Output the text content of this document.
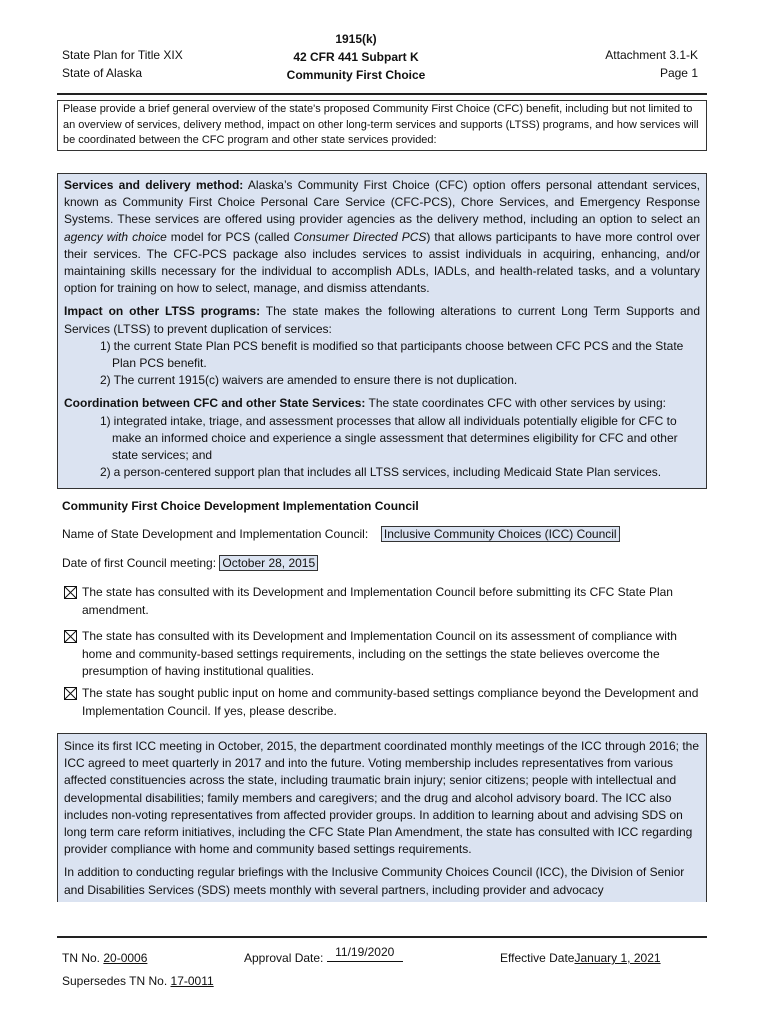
State Plan for Title XIX
State of Alaska
1915(k)
42 CFR 441 Subpart K
Community First Choice
Attachment 3.1-K
Page 1

Please provide a brief general overview of the state's proposed Community First Choice (CFC) benefit, including but not limited to an overview of services, delivery method, impact on other long-term services and supports (LTSS) programs, and how services will be coordinated between the CFC program and other state services provided:

Services and delivery method: Alaska’s Community First Choice (CFC) option offers personal attendant services, known as Community First Choice Personal Care Service (CFC-PCS), Chore Services, and Emergency Response Systems. These services are offered using provider agencies as the delivery method, including an option to select an agency with choice model for PCS (called Consumer Directed PCS) that allows participants to have more control over their services. The CFC-PCS package also includes services to assist individuals in acquiring, enhancing, and/or maintaining skills necessary for the individual to accomplish ADLs, IADLs, and health-related tasks, and a voluntary option for training on how to select, manage, and dismiss attendants.

Impact on other LTSS programs: The state makes the following alterations to current Long Term Supports and Services (LTSS) to prevent duplication of services:

1) the current State Plan PCS benefit is modified so that participants choose between CFC PCS and the State Plan PCS benefit.
2) The current 1915(c) waivers are amended to ensure there is not duplication.

Coordination between CFC and other State Services: The state coordinates CFC with other services by using:

1) integrated intake, triage, and assessment processes that allow all individuals potentially eligible for CFC to make an informed choice and experience a single assessment that determines eligibility for CFC and other state services; and
2) a person-centered support plan that includes all LTSS services, including Medicaid State Plan services.
Community First Choice Development Implementation Council
Name of State Development and Implementation Council: Inclusive Community Choices (ICC) Council
Date of first Council meeting: October 28, 2015
The state has consulted with its Development and Implementation Council before submitting its CFC State Plan amendment.
The state has consulted with its Development and Implementation Council on its assessment of compliance with home and community-based settings requirements, including on the settings the state believes overcome the presumption of having institutional qualities.
The state has sought public input on home and community-based settings compliance beyond the Development and Implementation Council. If yes, please describe.

Since its first ICC meeting in October, 2015, the department coordinated monthly meetings of the ICC through 2016; the ICC agreed to meet quarterly in 2017 and into the future. Voting membership includes representatives from various affected constituencies across the state, including traumatic brain injury; senior citizens; people with intellectual and developmental disabilities; family members and caregivers; and the drug and alcohol advisory board. The ICC also includes non-voting representatives from affected provider groups. In addition to learning about and advising SDS on long term care reform initiatives, including the CFC State Plan Amendment, the state has consulted with ICC regarding provider compliance with home and community based settings requirements.

In addition to conducting regular briefings with the Inclusive Community Choices Council (ICC), the Division of Senior and Disabilities Services (SDS) meets monthly with several partners, including provider and advocacy

TN No. 20-0006	Approval Date: 11/19/2020	Effective DateJanuary 1, 2021
Supersedes TN No. 17-0011
